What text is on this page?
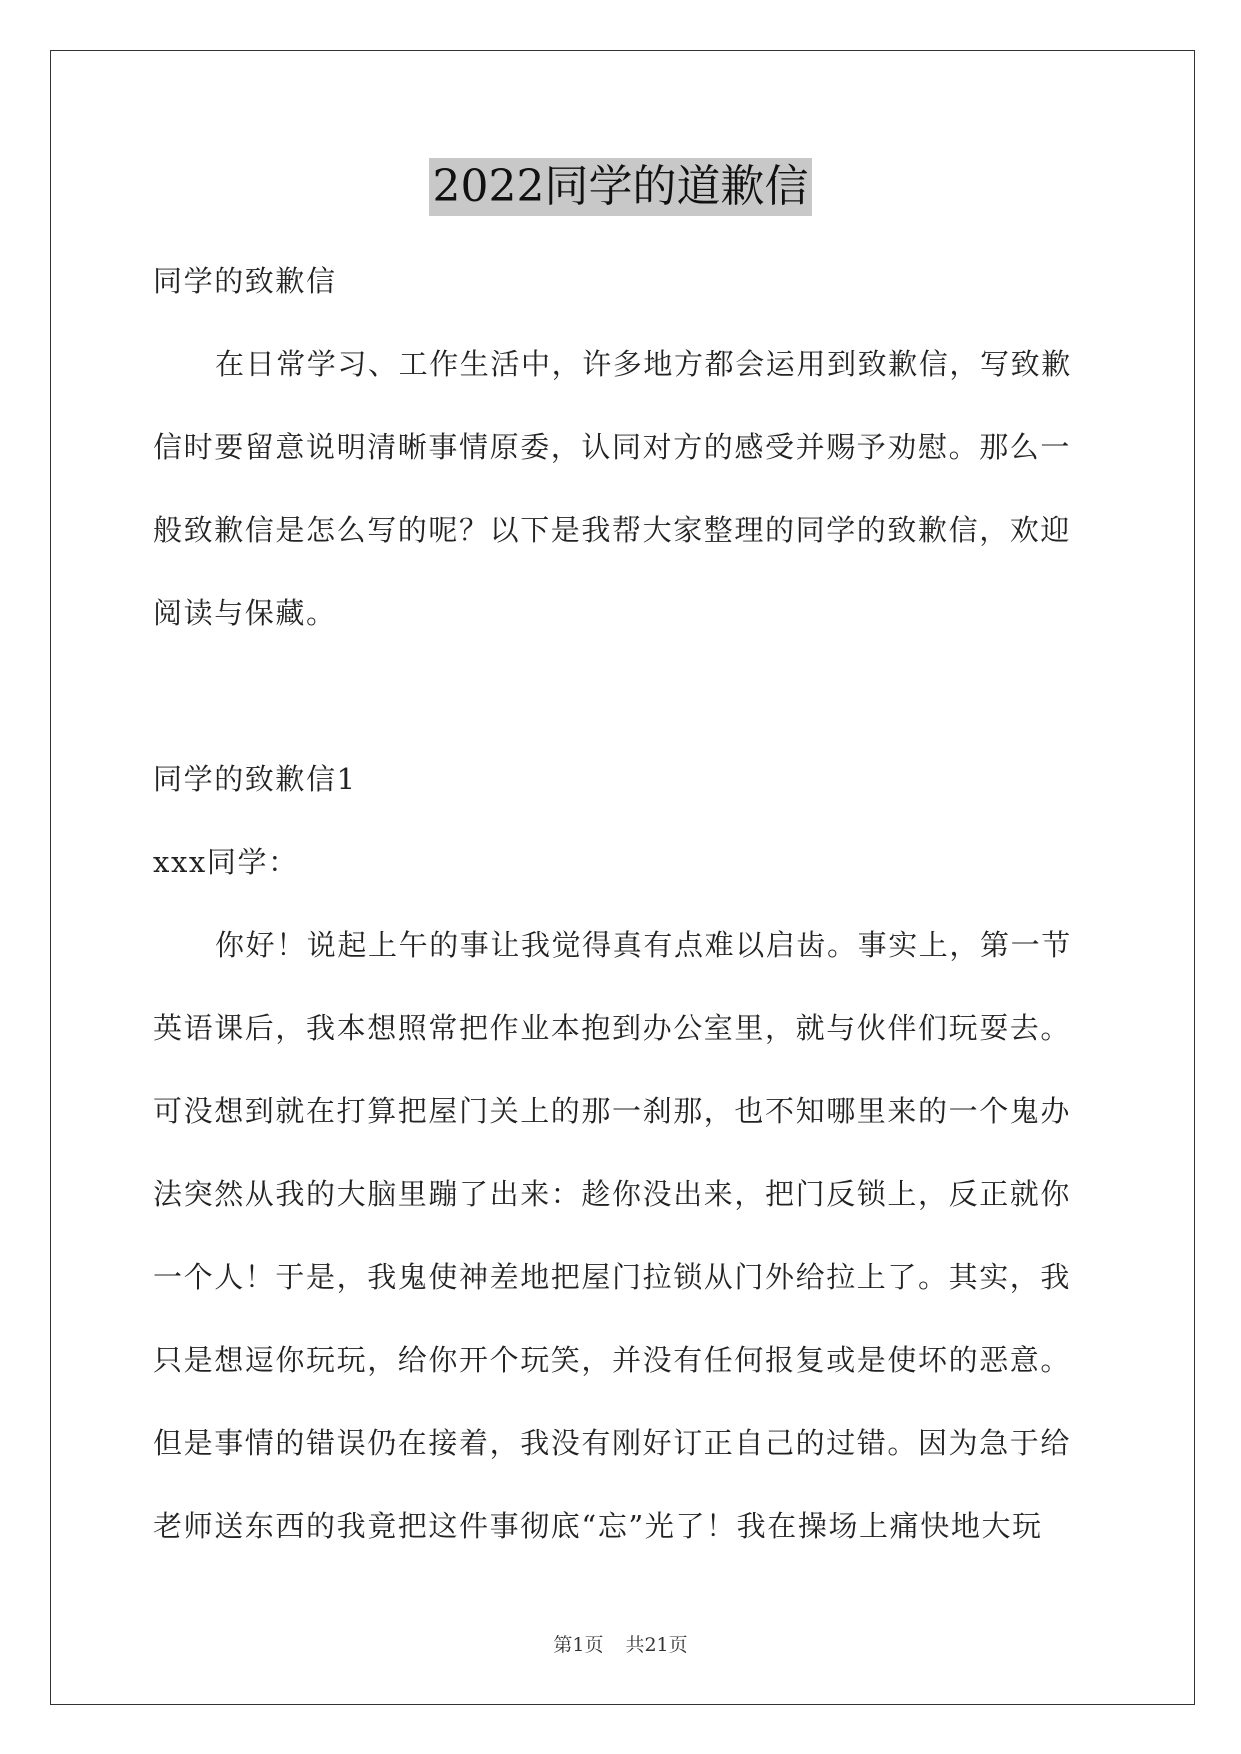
2022同学的道歉信
同学的致歉信
在日常学习、工作生活中，许多地方都会运用到致歉信，写致歉
信时要留意说明清晰事情原委，认同对方的感受并赐予劝慰。那么一
般致歉信是怎么写的呢？以下是我帮大家整理的同学的致歉信，欢迎
阅读与保藏。
同学的致歉信1
xxx同学：
你好！说起上午的事让我觉得真有点难以启齿。事实上，第一节
英语课后，我本想照常把作业本抱到办公室里，就与伙伴们玩耍去。
可没想到就在打算把屋门关上的那一刹那，也不知哪里来的一个鬼办
法突然从我的大脑里蹦了出来：趁你没出来，把门反锁上，反正就你
一个人！于是，我鬼使神差地把屋门拉锁从门外给拉上了。其实，我
只是想逗你玩玩，给你开个玩笑，并没有任何报复或是使坏的恶意。
但是事情的错误仍在接着，我没有刚好订正自己的过错。因为急于给
老师送东西的我竟把这件事彻底“忘”光了！我在操场上痛快地大玩
第1页 共21页
